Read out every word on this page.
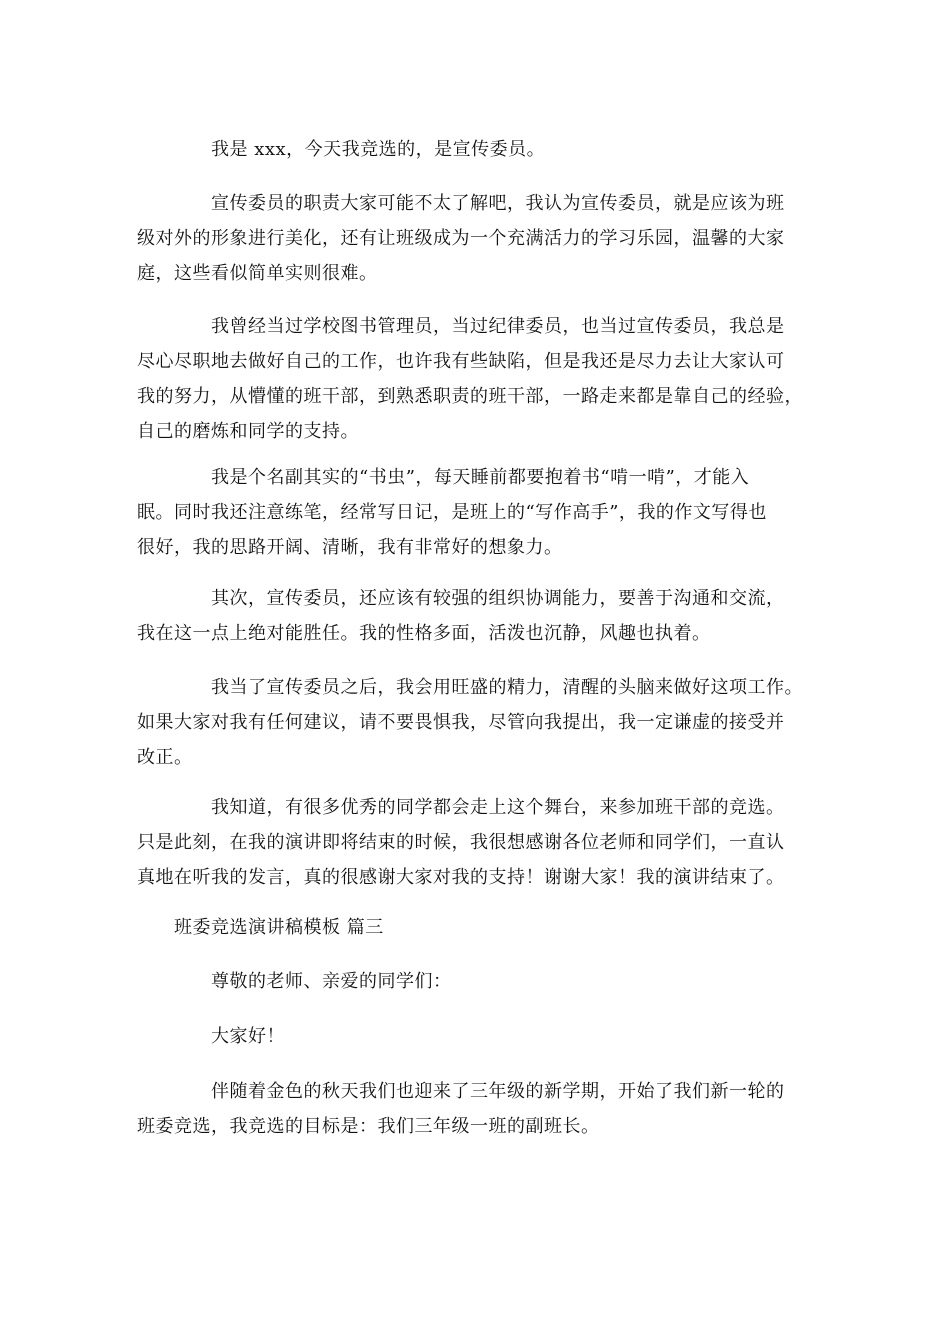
我是 xxx，今天我竞选的，是宣传委员。
宣传委员的职责大家可能不太了解吧，我认为宣传委员，就是应该为班
级对外的形象进行美化，还有让班级成为一个充满活力的学习乐园，温馨的大家
庭，这些看似简单实则很难。
我曾经当过学校图书管理员，当过纪律委员，也当过宣传委员，我总是
尽心尽职地去做好自己的工作，也许我有些缺陷，但是我还是尽力去让大家认可
我的努力，从懵懂的班干部，到熟悉职责的班干部，一路走来都是靠自己的经验，
自己的磨炼和同学的支持。
我是个名副其实的“书虫”，每天睡前都要抱着书“啃一啃”，才能入
眠。同时我还注意练笔，经常写日记，是班上的“写作高手”，我的作文写得也
很好，我的思路开阔、清晰，我有非常好的想象力。
其次，宣传委员，还应该有较强的组织协调能力，要善于沟通和交流，
我在这一点上绝对能胜任。我的性格多面，活泼也沉静，风趣也执着。
我当了宣传委员之后，我会用旺盛的精力，清醒的头脑来做好这项工作。
如果大家对我有任何建议，请不要畏惧我，尽管向我提出，我一定谦虚的接受并
改正。
我知道，有很多优秀的同学都会走上这个舞台，来参加班干部的竞选。
只是此刻，在我的演讲即将结束的时候，我很想感谢各位老师和同学们，一直认
真地在听我的发言，真的很感谢大家对我的支持！谢谢大家！我的演讲结束了。
班委竞选演讲稿模板 篇三
尊敬的老师、亲爱的同学们：
大家好！
伴随着金色的秋天我们也迎来了三年级的新学期，开始了我们新一轮的
班委竞选，我竞选的目标是：我们三年级一班的副班长。
